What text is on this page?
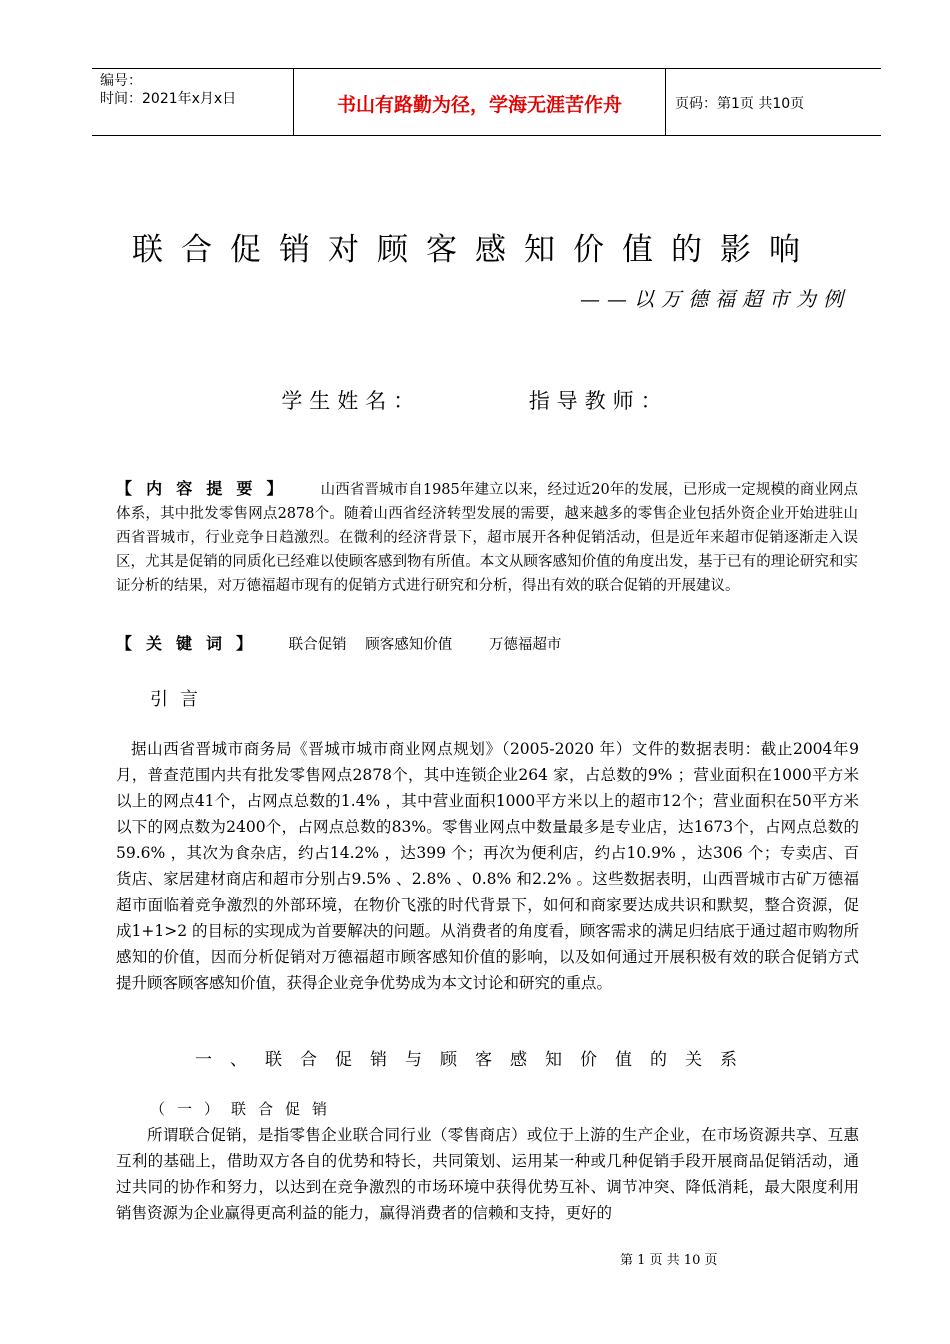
编号：
时间：2021年x月x日	书山有路勤为径，学海无涯苦作舟	页码：第1页 共10页
联合促销对顾客感知价值的影响
——以万德福超市为例
学生姓名：	指导教师：
【内容提要】 山西省晋城市自1985年建立以来，经过近20年的发展，已形成一定规模的商业网点体系，其中批发零售网点2878个。随着山西省经济转型发展的需要，越来越多的零售企业包括外资企业开始进驻山西省晋城市，行业竞争日趋激烈。在微利的经济背景下，超市展开各种促销活动，但是近年来超市促销逐渐走入误区，尤其是促销的同质化已经难以使顾客感到物有所值。本文从顾客感知价值的角度出发，基于已有的理论研究和实证分析的结果，对万德福超市现有的促销方式进行研究和分析，得出有效的联合促销的开展建议。
【关键词】 联合促销 顾客感知价值	万德福超市
引言
据山西省晋城市商务局《晋城市城市商业网点规划》（2005-2020 年）文件的数据表明：截止2004年9 月，普查范围内共有批发零售网点2878个，其中连锁企业264 家，占总数的9% ；营业面积在1000平方米以上的网点41个，占网点总数的1.4% ，其中营业面积1000平方米以上的超市12个；营业面积在50平方米以下的网点数为2400个，占网点总数的83%。零售业网点中数量最多是专业店，达1673个，占网点总数的59.6% ，其次为食杂店，约占14.2% ，达399 个；再次为便利店，约占10.9% ，达306 个；专卖店、百货店、家居建材商店和超市分别占9.5% 、2.8% 、0.8% 和2.2% 。这些数据表明，山西晋城市古矿万德福超市面临着竞争激烈的外部环境，在物价飞涨的时代背景下，如何和商家要达成共识和默契，整合资源，促成1+1>2 的目标的实现成为首要解决的问题。从消费者的角度看，顾客需求的满足归结底于通过超市购物所感知的价值，因而分析促销对万德福超市顾客感知价值的影响，以及如何通过开展积极有效的联合促销方式提升顾客顾客感知价值，获得企业竞争优势成为本文讨论和研究的重点。
一、联合促销与顾客感知价值的关系
（一）联合促销
所谓联合促销，是指零售企业联合同行业（零售商店）或位于上游的生产企业，在市场资源共享、互惠互利的基础上，借助双方各自的优势和特长，共同策划、运用某一种或几种促销手段开展商品促销活动，通过共同的协作和努力，以达到在竞争激烈的市场环境中获得优势互补、调节冲突、降低消耗，最大限度利用销售资源为企业赢得更高利益的能力，赢得消费者的信赖和支持，更好的
第 1 页 共 10 页
